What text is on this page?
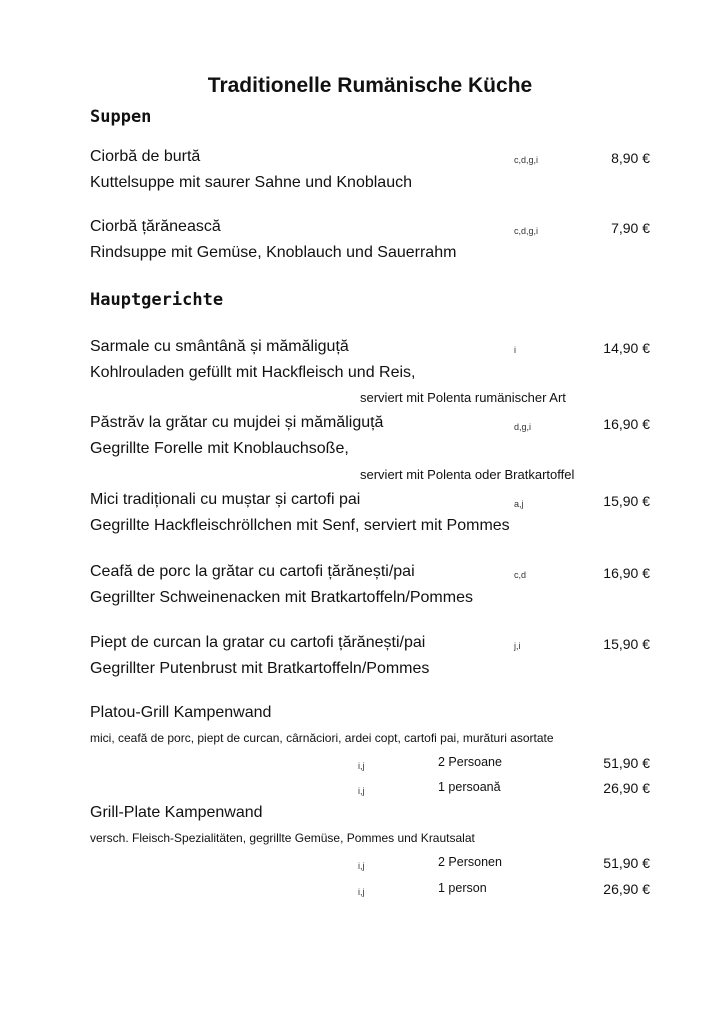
Traditionelle Rumänische Küche
Suppen
Ciorbă de burtă	c,d,g,i	8,90 €
Kuttelsuppe mit saurer Sahne und Knoblauch
Ciorbă țărănească	c,d,g,i	7,90 €
Rindsuppe mit Gemüse, Knoblauch und Sauerrahm
Hauptgerichte
Sarmale cu smântână și mămăliguță	i	14,90 €
Kohlrouladen gefüllt mit Hackfleisch und Reis,
serviert mit Polenta rumänischer Art
Păstrăv la grătar cu mujdei și mămăliguță	d,g,i	16,90 €
Gegrillte Forelle mit Knoblauchsoße,
serviert mit Polenta oder Bratkartoffel
Mici tradiționali cu muștar și cartofi pai	a,j	15,90 €
Gegrillte Hackfleischröllchen mit Senf, serviert mit Pommes
Ceafă de porc la grătar cu cartofi țărănești/pai	c,d	16,90 €
Gegrillter Schweinenacken mit Bratkartoffeln/Pommes
Piept de curcan la gratar cu cartofi țărănești/pai	j,i	15,90 €
Gegrillter Putenbrust mit Bratkartoffeln/Pommes
Platou-Grill Kampenwand
mici, ceafă de porc, piept de curcan, cârnăciori, ardei copt, cartofi pai, murături asortate
i,j	2 Persoane	51,90 €
i,j	1 persoană	26,90 €
Grill-Plate Kampenwand
versch. Fleisch-Spezialitäten, gegrillte Gemüse, Pommes und Krautsalat
i,j	2 Personen	51,90 €
i,j	1 person	26,90 €
